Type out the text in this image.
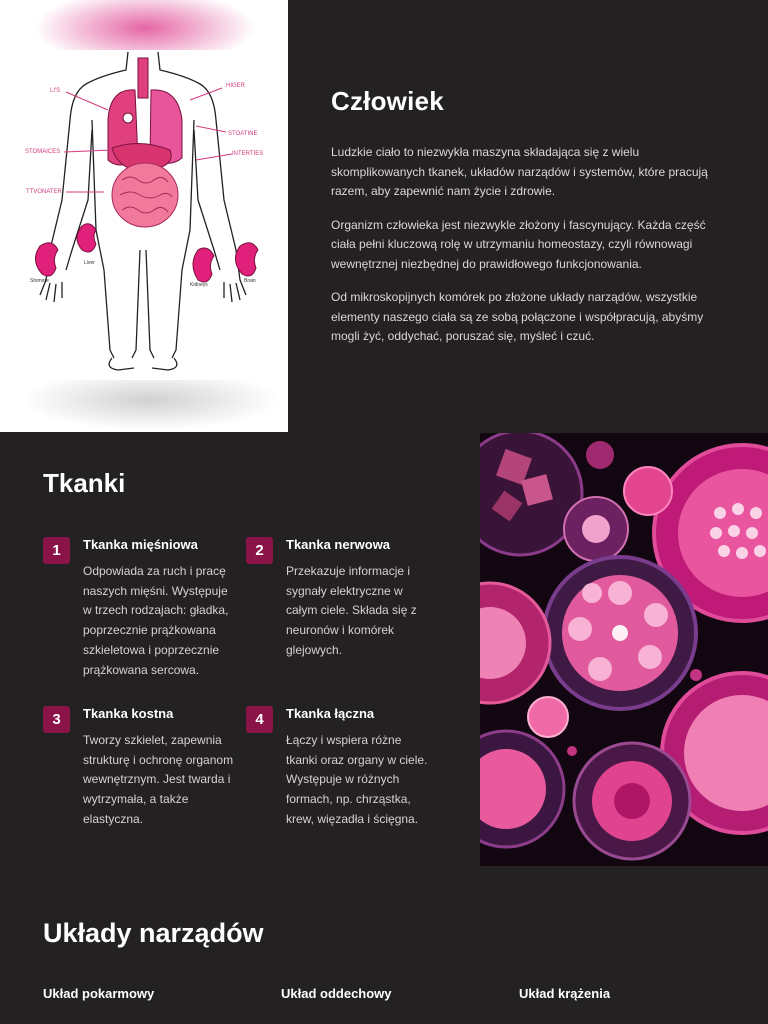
LI'S
HIGER
STOATINE
STOMAICES	INTERTIES
TTVONATER
Liver
Stomore
Kidneys
Brain
Człowiek

Ludzkie ciało to niezwykła maszyna składająca się z wielu skomplikowanych tkanek, układów narządów i systemów, które pracują razem, aby zapewnić nam życie i zdrowie.

Organizm człowieka jest niezwykle złożony i fascynujący. Każda część ciała pełni kluczową rolę w utrzymaniu homeostazy, czyli równowagi wewnętrznej niezbędnej do prawidłowego funkcjonowania.

Od mikroskopijnych komórek po złożone układy narządów, wszystkie elementy naszego ciała są ze sobą połączone i współpracują, abyśmy mogli żyć, oddychać, poruszać się, myśleć i czuć.

Tkanki
1	Tkanka mięśniowa
Odpowiada za ruch i pracę naszych mięśni. Występuje w trzech rodzajach: gładka, poprzecznie prążkowana szkieletowa i poprzecznie prążkowana sercowa.
2	Tkanka nerwowa
Przekazuje informacje i sygnały elektryczne w całym ciele. Składa się z neuronów i komórek glejowych.
3	Tkanka kostna
Tworzy szkielet, zapewnia strukturę i ochronę organom wewnętrznym. Jest twarda i wytrzymała, a także elastyczna.
4	Tkanka łączna
Łączy i wspiera różne tkanki oraz organy w ciele. Występuje w różnych formach, np. chrząstka, krew, więzadła i ścięgna.
Układy narządów
Układ pokarmowy	Układ oddechowy	Układ krążenia
